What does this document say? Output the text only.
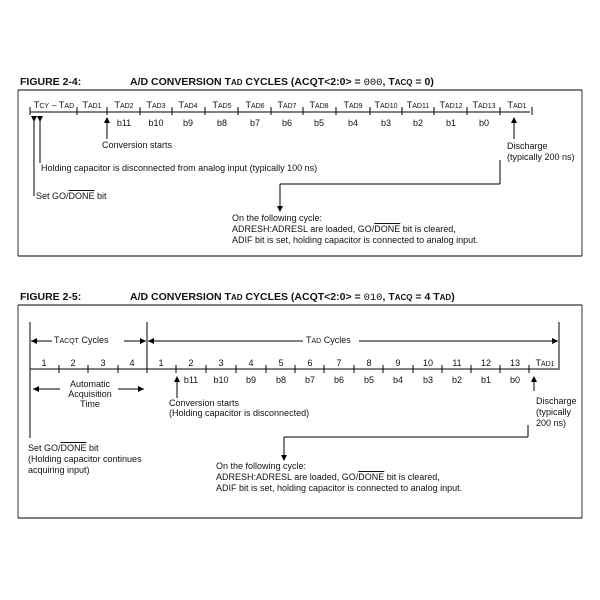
FIGURE 2-4:	A/D CONVERSION TAD CYCLES (ACQT<2:0> = 000, TACQ = 0)
TCY – TAD TAD1	TAD2	TAD3	TAD4	TAD5	TAD6	TAD7	TAD8	TAD9	TAD10	TAD11	TAD12	TAD13	TAD1
b11	b10	b9	b8	b7	b6	b5	b4	b3	b2	b1	b0
Conversion starts
Holding capacitor is disconnected from analog input (typically 100 ns)
Set GO/DONE bit
Discharge
(typically 200 ns)
On the following cycle:
ADRESH:ADRESL are loaded, GO/DONE bit is cleared,
ADIF bit is set, holding capacitor is connected to analog input.
FIGURE 2-5:	A/D CONVERSION TAD CYCLES (ACQT<2:0> = 010, TACQ = 4 TAD)
TACQT Cycles	TAD Cycles
1	2	3	4	1	2	3	4	5	6	7	8	9	10	11	12	13	TAD1
b11	b10	b9	b8	b7	b6	b5	b4	b3	b2	b1	b0
Automatic
Acquisition
Time	Conversion starts
(Holding capacitor is disconnected)
Discharge
(typically
200 ns)
Set GO/DONE bit
(Holding capacitor continues
acquiring input)	On the following cycle:
ADRESH:ADRESL are loaded, GO/DONE bit is cleared,
ADIF bit is set, holding capacitor is connected to analog input.
